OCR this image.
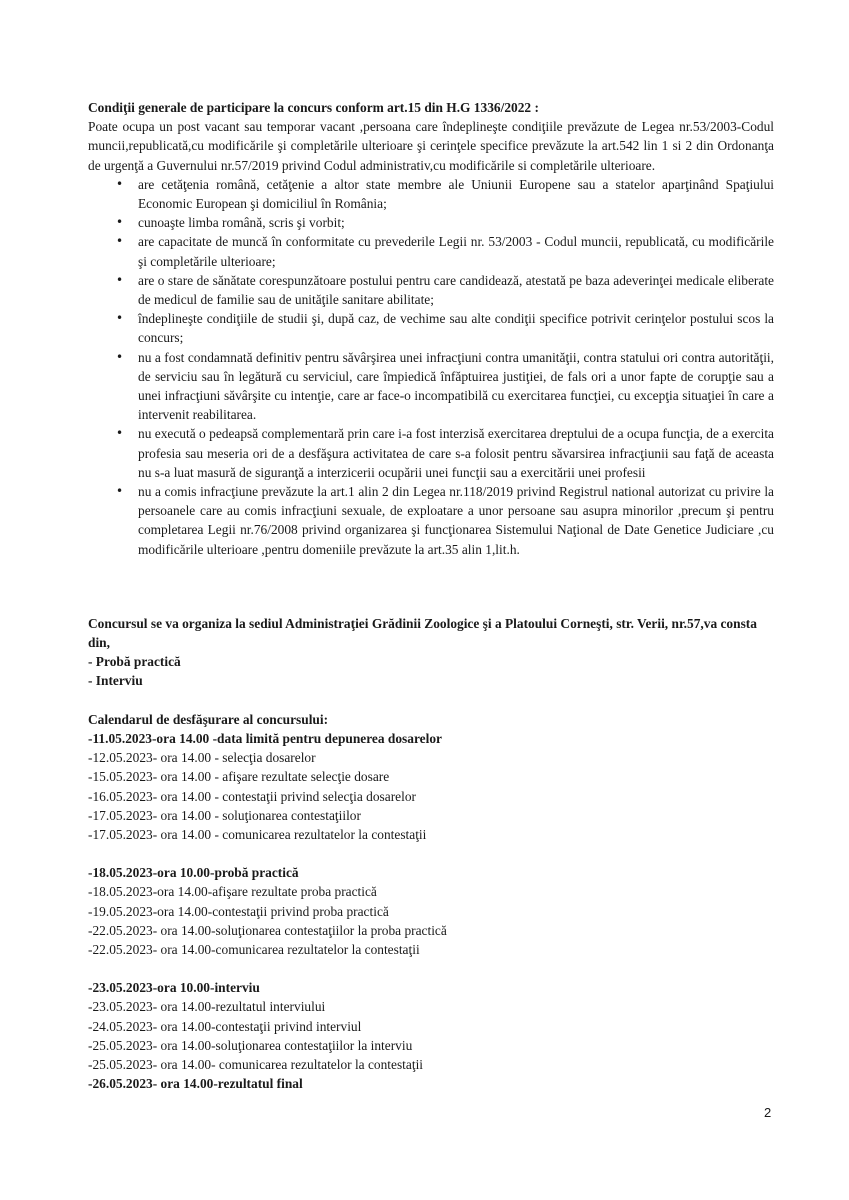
Condiţii generale de participare la concurs conform art.15 din H.G 1336/2022 :

Poate ocupa un post vacant sau temporar vacant ,persoana care îndeplineşte condiţiile prevăzute de Legea nr.53/2003-Codul muncii,republicată,cu modificările şi completările ulterioare şi cerinţele specifice prevăzute la art.542 lin 1 si 2 din Ordonanţa de urgenţă a Guvernului nr.57/2019 privind Codul administrativ,cu modificările si completările ulterioare.

• are cetăţenia română, cetăţenie a altor state membre ale Uniunii Europene sau a statelor aparţinând Spaţiului Economic European şi domiciliul în România;
• cunoaşte limba română, scris şi vorbit;
• are capacitate de muncă în conformitate cu prevederile Legii nr. 53/2003 - Codul muncii, republicată, cu modificările şi completările ulterioare;
• are o stare de sănătate corespunzătoare postului pentru care candidează, atestată pe baza adeverinţei medicale eliberate de medicul de familie sau de unităţile sanitare abilitate;
• îndeplineşte condiţiile de studii şi, după caz, de vechime sau alte condiţii specifice potrivit cerinţelor postului scos la concurs;
• nu a fost condamnată definitiv pentru săvârşirea unei infracţiuni contra umanităţii, contra statului ori contra autorităţii, de serviciu sau în legătură cu serviciul, care împiedică înfăptuirea justiţiei, de fals ori a unor fapte de corupţie sau a unei infracţiuni săvârşite cu intenţie, care ar face-o incompatibilă cu exercitarea funcţiei, cu excepţia situaţiei în care a intervenit reabilitarea.
• nu execută o pedeapsă complementară prin care i-a fost interzisă exercitarea dreptului de a ocupa funcţia, de a exercita profesia sau meseria ori de a desfăşura activitatea de care s-a folosit pentru săvarsirea infracţiunii sau faţă de aceasta nu s-a luat masură de siguranţă a interzicerii ocupării unei funcţii sau a exercitării unei profesii
• nu a comis infracţiune prevăzute la art.1 alin 2 din Legea nr.118/2019 privind Registrul national autorizat cu privire la persoanele care au comis infracţiuni sexuale, de exploatare a unor persoane sau asupra minorilor ,precum şi pentru completarea Legii nr.76/2008 privind organizarea şi funcţionarea Sistemului Naţional de Date Genetice Judiciare ,cu modificările ulterioare ,pentru domeniile prevăzute la art.35 alin 1,lit.h.

Concursul se va organiza la sediul Administraţiei Grădinii Zoologice şi a Platoului Corneşti, str. Verii, nr.57,va consta din,

- Probă practică

- Interviu

Calendarul de desfăşurare al concursului:

-11.05.2023-ora 14.00 -data limită pentru depunerea dosarelor

-12.05.2023- ora 14.00 - selecţia dosarelor

-15.05.2023- ora 14.00 - afişare rezultate selecţie dosare

-16.05.2023- ora 14.00 - contestaţii privind selecţia dosarelor

-17.05.2023- ora 14.00 - soluţionarea contestaţiilor

-17.05.2023- ora 14.00 - comunicarea rezultatelor la contestaţii

-18.05.2023-ora 10.00-probă practică

-18.05.2023-ora 14.00-afişare rezultate proba practică

-19.05.2023-ora 14.00-contestaţii privind proba practică

-22.05.2023- ora 14.00-soluţionarea contestaţiilor la proba practică

-22.05.2023- ora 14.00-comunicarea rezultatelor la contestaţii

-23.05.2023-ora 10.00-interviu

-23.05.2023- ora 14.00-rezultatul interviului

-24.05.2023- ora 14.00-contestaţii privind interviul

-25.05.2023- ora 14.00-soluţionarea contestaţiilor la interviu

-25.05.2023- ora 14.00- comunicarea rezultatelor la contestaţii

-26.05.2023- ora 14.00-rezultatul final

2
